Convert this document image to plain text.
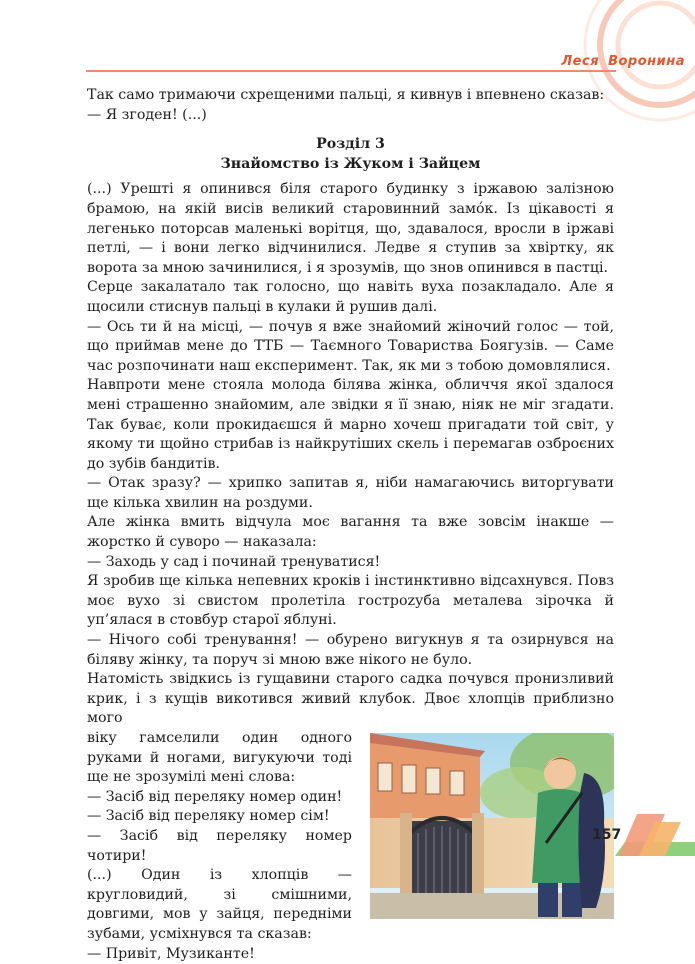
Леся Воронина

Так само тримаючи схрещеними пальці, я кивнув і впевнено сказав:

— Я згоден! (...)

Розділ 3

Знайомство із Жуком і Зайцем

(...) Урешті я опинився біля старого будинку з іржавою залізною брамою, на якій висів великий старовинний замóк. Із цікавості я легенько поторсав маленькі ворітця, що, здавалося, вросли в іржаві петлі, — і вони легко відчинилися. Ледве я ступив за хвіртку, як ворота за мною зачинилися, і я зрозумів, що знов опинився в пастці.

Серце закалатало так голосно, що навіть вуха позакладало. Але я щосили стиснув пальці в кулаки й рушив далі.

— Ось ти й на місці, — почув я вже знайомий жіночий голос — той, що приймав мене до ТТБ — Таємного Товариства Боягузів. — Саме час розпочинати наш експеримент. Так, як ми з тобою домовлялися.

Навпроти мене стояла молода білява жінка, обличчя якої здалося мені страшенно знайомим, але звідки я її знаю, ніяк не міг згадати. Так буває, коли прокидаєшся й марно хочеш пригадати той світ, у якому ти щойно стрибав із найкрутіших скель і перемагав озброєних до зубів бандитів.

— Отак зразу? — хрипко запитав я, ніби намагаючись виторгувати ще кілька хвилин на роздуми.

Але жінка вмить відчула моє вагання та вже зовсім інакше — жорстко й суворо — наказала:

— Заходь у сад і починай тренуватися!

Я зробив ще кілька непевних кроків і інстинктивно відсахнувся. Повз моє вухо зі свистом пролетіла гостроzуба металева зірочка й уп’ялася в стовбур старої яблуні.

— Нічого собі тренування! — обурено вигукнув я та озирнувся на біляву жінку, та поруч зі мною вже нікого не було.

Натомість звідкись із гущавини старого садка почувся пронизливий крик, і з кущів викотився живий клубок. Двоє хлопців приблизно мого

віку гамселили один одного руками й ногами, вигукуючи тоді ще не зрозумілі мені слова:

— Засіб від переляку номер один!

— Засіб від переляку номер сім!

— Засіб від переляку номер чотири!

(...) Один із хлопців — кругловидий, зі смішними, довгими, мов у зайця, передніми зубами, усміхнувся та сказав:

— Привіт, Музиканте!

157
